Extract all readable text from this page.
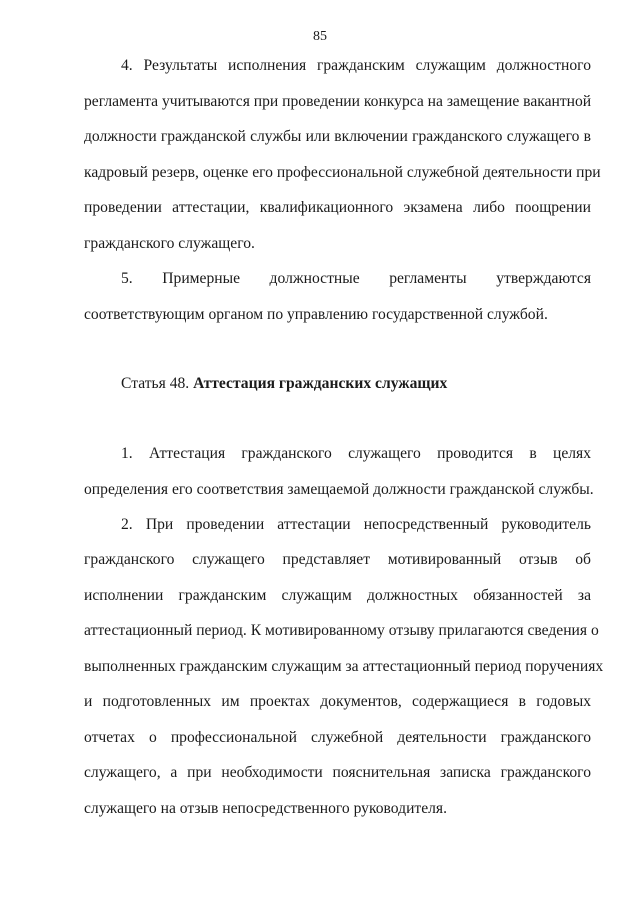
85
4. Результаты исполнения гражданским служащим должностного
регламента учитываются при проведении конкурса на замещение вакантной
должности гражданской службы или включении гражданского служащего в
кадровый резерв, оценке его профессиональной служебной деятельности при
проведении аттестации, квалификационного экзамена либо поощрении
гражданского служащего.
5. Примерные должностные регламенты утверждаются
соответствующим органом по управлению государственной службой.
Статья 48. Аттестация гражданских служащих
1. Аттестация гражданского служащего проводится в целях
определения его соответствия замещаемой должности гражданской службы.
2. При проведении аттестации непосредственный руководитель
гражданского служащего представляет мотивированный отзыв об
исполнении гражданским служащим должностных обязанностей за
аттестационный период. К мотивированному отзыву прилагаются сведения о
выполненных гражданским служащим за аттестационный период поручениях
и подготовленных им проектах документов, содержащиеся в годовых
отчетах о профессиональной служебной деятельности гражданского
служащего, а при необходимости пояснительная записка гражданского
служащего на отзыв непосредственного руководителя.
